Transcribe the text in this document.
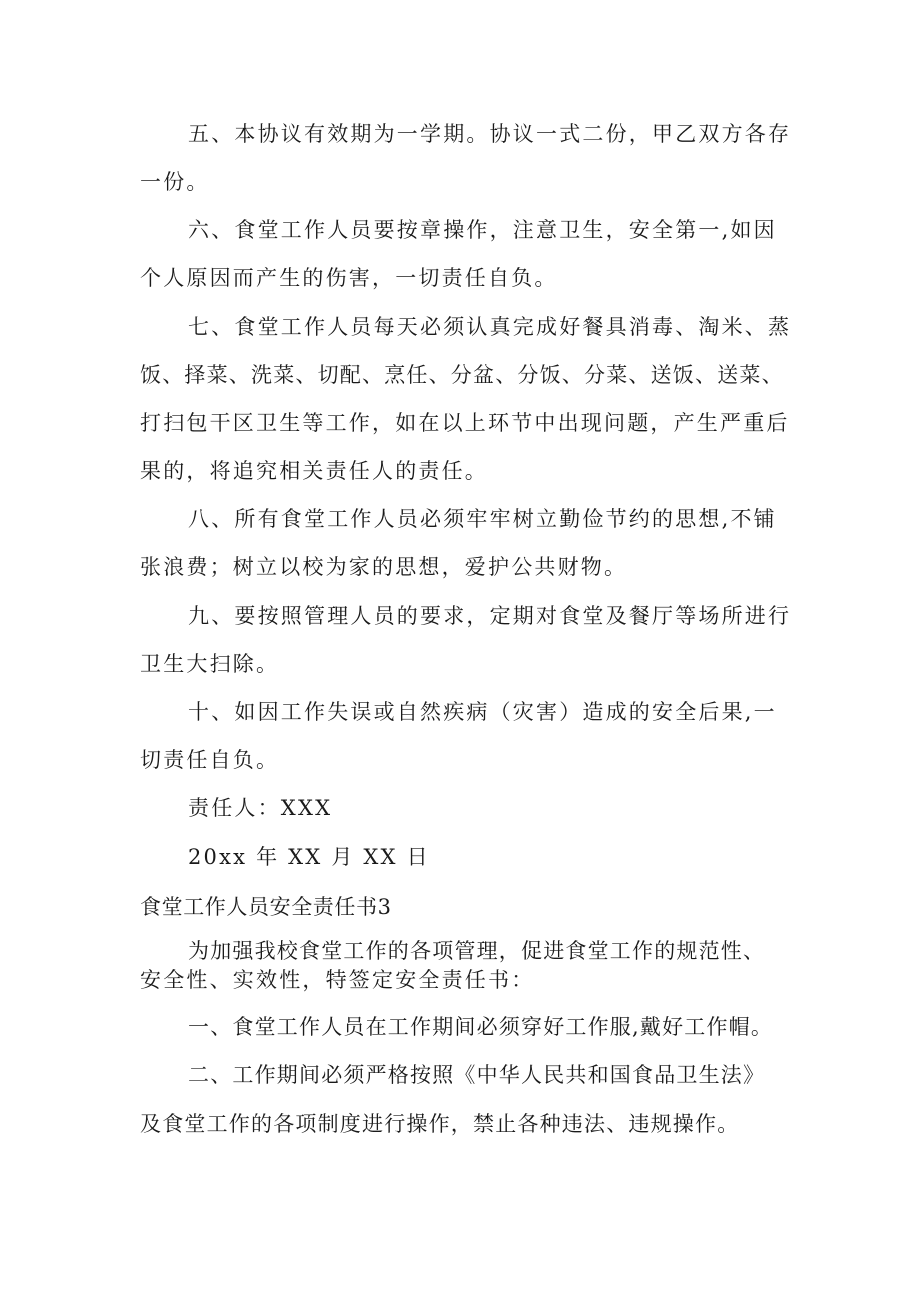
五、本协议有效期为一学期。协议一式二份，甲乙双方各存
一份。
六、食堂工作人员要按章操作，注意卫生，安全第一,如因
个人原因而产生的伤害，一切责任自负。
七、食堂工作人员每天必须认真完成好餐具消毒、淘米、蒸
饭、择菜、洗菜、切配、烹任、分盆、分饭、分菜、送饭、送菜、
打扫包干区卫生等工作，如在以上环节中出现问题，产生严重后
果的，将追究相关责任人的责任。
八、所有食堂工作人员必须牢牢树立勤俭节约的思想,不铺
张浪费；树立以校为家的思想，爱护公共财物。
九、要按照管理人员的要求，定期对食堂及餐厅等场所进行
卫生大扫除。
十、如因工作失误或自然疾病（灾害）造成的安全后果,一
切责任自负。
责任人：XXX
20xx 年 XX 月 XX 日
食堂工作人员安全责任书3
为加强我校食堂工作的各项管理，促进食堂工作的规范性、
安全性、实效性，特签定安全责任书：
一、食堂工作人员在工作期间必须穿好工作服,戴好工作帽。
二、工作期间必须严格按照《中华人民共和国食品卫生法》
及食堂工作的各项制度进行操作，禁止各种违法、违规操作。
